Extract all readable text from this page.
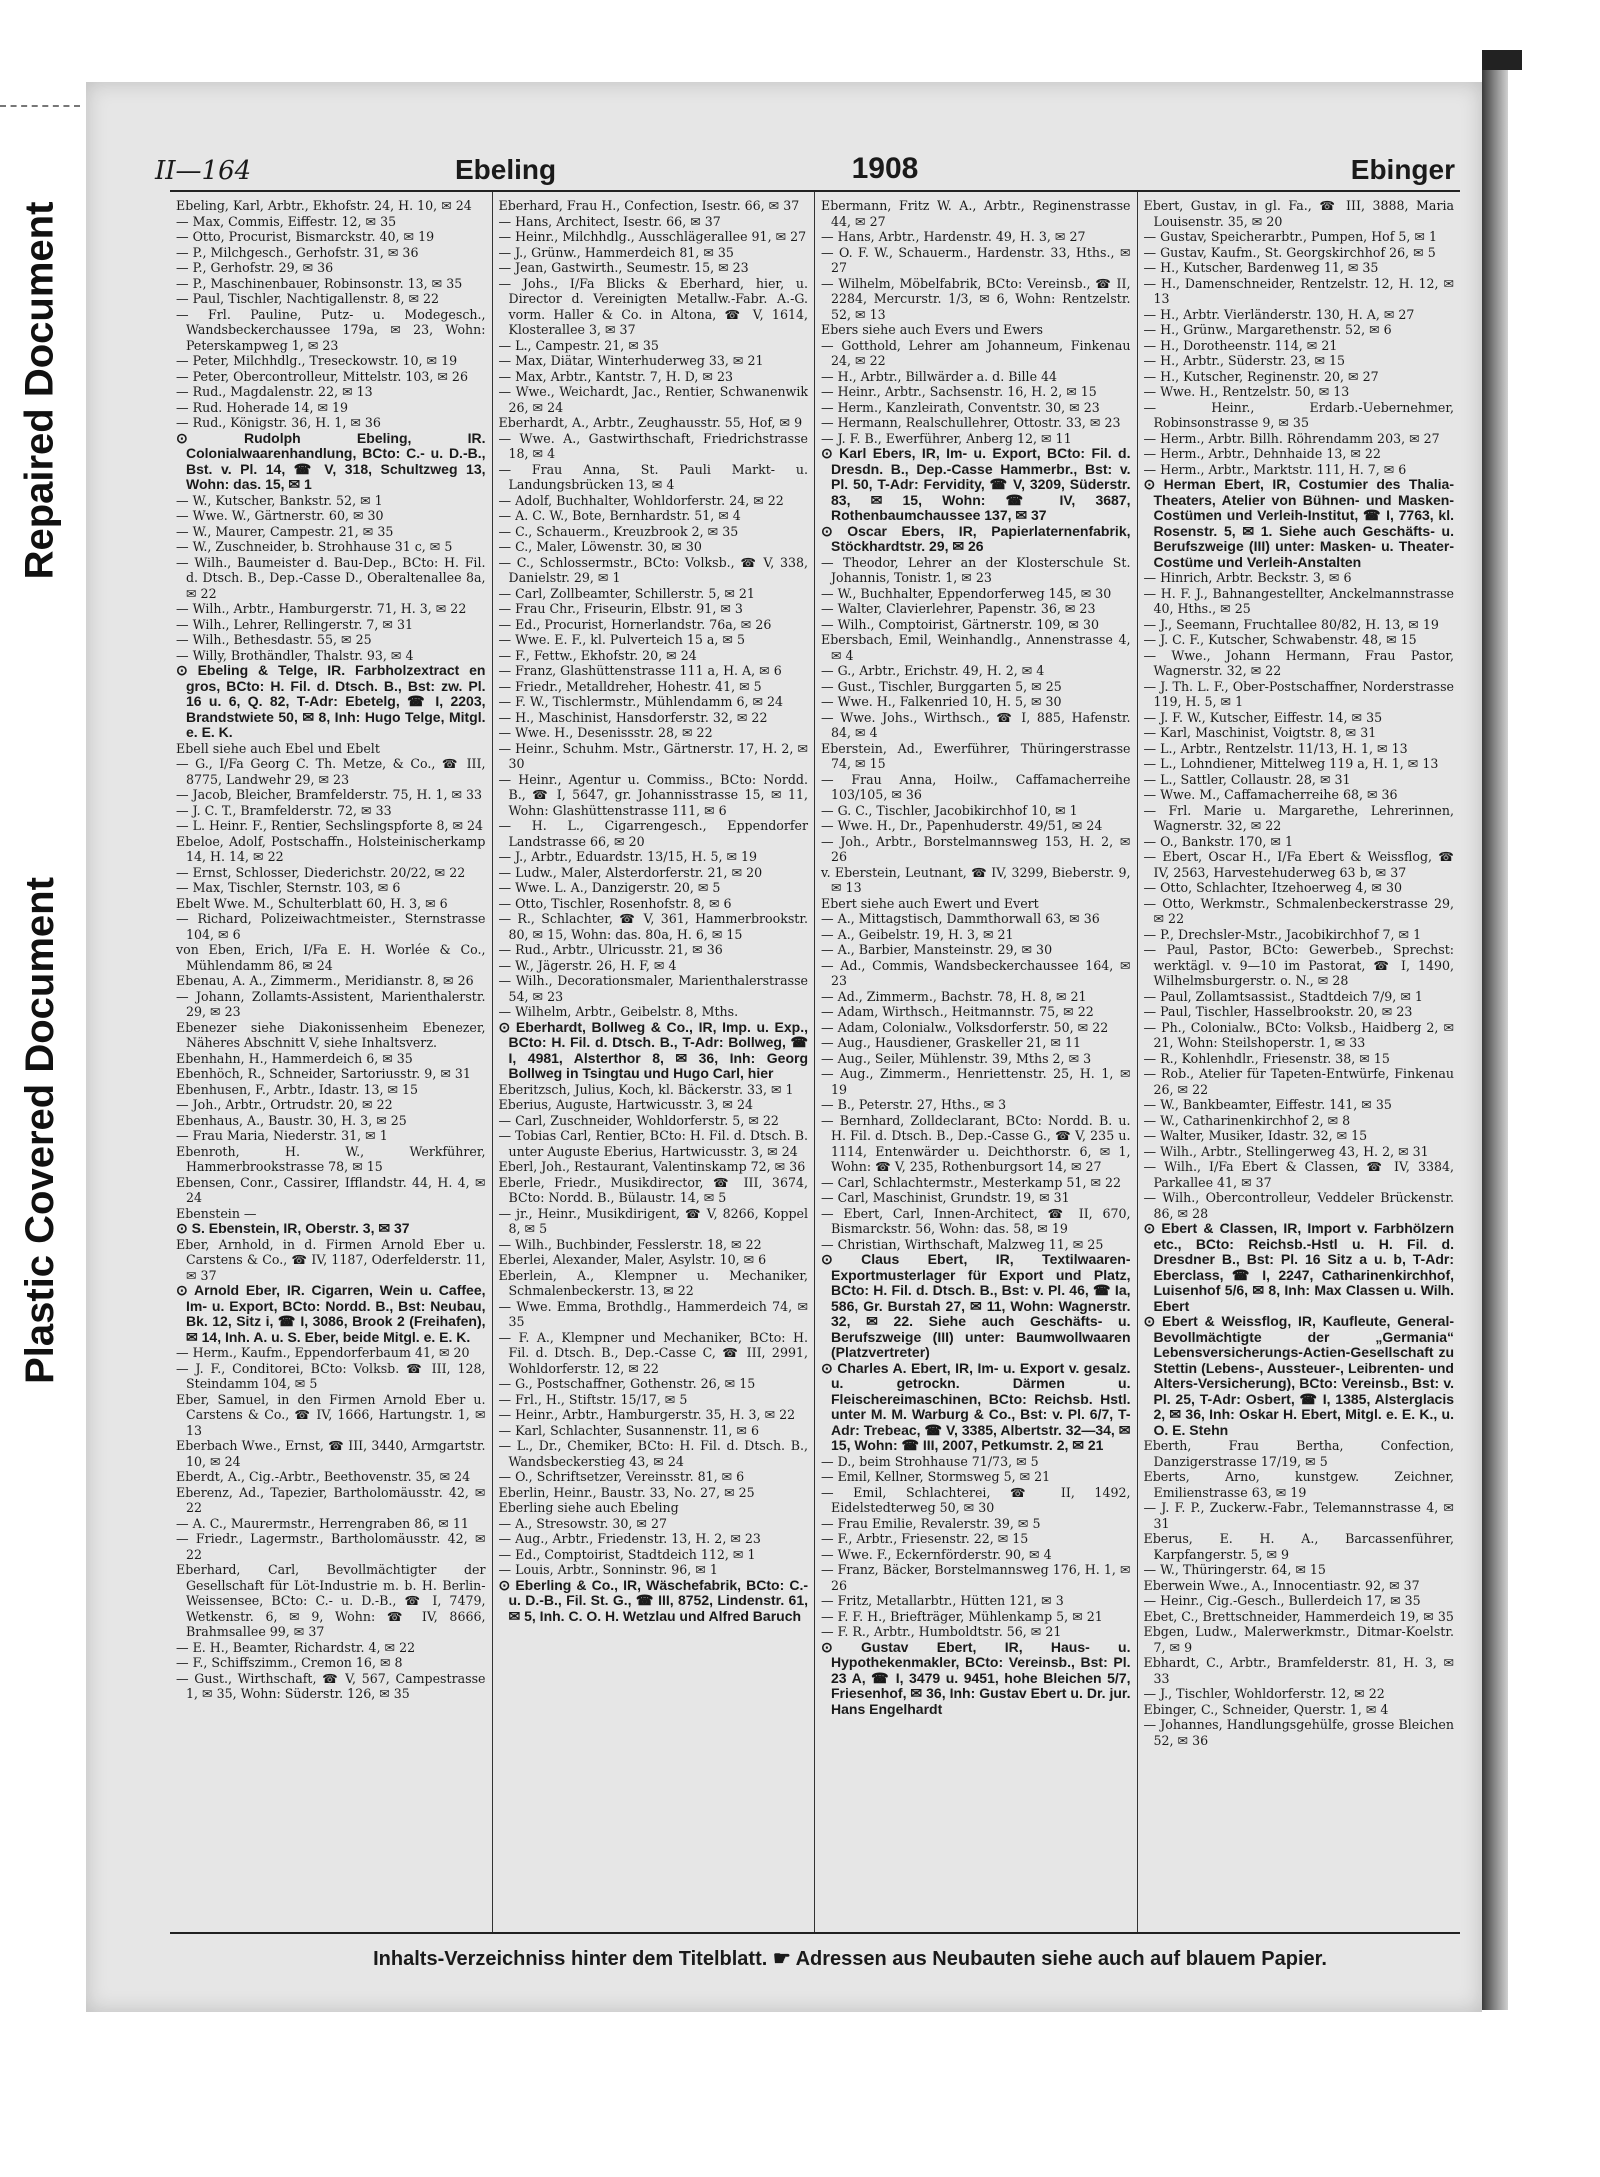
Repaired Document
Plastic Covered Document
II—164	Ebeling	1908	Ebinger

Ebeling, Karl, Arbtr., Ekhofstr. 24, H. 10, ✉ 24

— Max, Commis, Eiffestr. 12, ✉ 35

— Otto, Procurist, Bismarckstr. 40, ✉ 19

— P., Milchgesch., Gerhofstr. 31, ✉ 36

— P., Gerhofstr. 29, ✉ 36

— P., Maschinenbauer, Robinsonstr. 13, ✉ 35

— Paul, Tischler, Nachtigallenstr. 8, ✉ 22

— Frl. Pauline, Putz- u. Modegesch., Wandsbeckerchaussee 179a, ✉ 23, Wohn: Peterskampweg 1, ✉ 23

— Peter, Milchhdlg., Treseckowstr. 10, ✉ 19

— Peter, Obercontrolleur, Mittelstr. 103, ✉ 26

— Rud., Magdalenstr. 22, ✉ 13

— Rud. Hoherade 14, ✉ 19

— Rud., Königstr. 36, H. 1, ✉ 36

⊙ Rudolph Ebeling, IR. Colonialwaarenhandlung, BCto: C.- u. D.-B., Bst. v. Pl. 14, ☎ V, 318, Schultzweg 13, Wohn: das. 15, ✉ 1

— W., Kutscher, Bankstr. 52, ✉ 1

— Wwe. W., Gärtnerstr. 60, ✉ 30

— W., Maurer, Campestr. 21, ✉ 35

— W., Zuschneider, b. Strohhause 31 c, ✉ 5

— Wilh., Baumeister d. Bau-Dep., BCto: H. Fil. d. Dtsch. B., Dep.-Casse D., Oberaltenallee 8a, ✉ 22

— Wilh., Arbtr., Hamburgerstr. 71, H. 3, ✉ 22

— Wilh., Lehrer, Rellingerstr. 7, ✉ 31

— Wilh., Bethesdastr. 55, ✉ 25

— Willy, Brothändler, Thalstr. 93, ✉ 4

⊙ Ebeling & Telge, IR. Farbholzextract en gros, BCto: H. Fil. d. Dtsch. B., Bst: zw. Pl. 16 u. 6, Q. 82, T-Adr: Ebetelg, ☎ I, 2203, Brandstwiete 50, ✉ 8, Inh: Hugo Telge, Mitgl. e. E. K.

Ebell siehe auch Ebel und Ebelt

— G., I/Fa Georg C. Th. Metze, & Co., ☎ III, 8775, Landwehr 29, ✉ 23

— Jacob, Bleicher, Bramfelderstr. 75, H. 1, ✉ 33

— J. C. T., Bramfelderstr. 72, ✉ 33

— L. Heinr. F., Rentier, Sechslingspforte 8, ✉ 24

Ebeloe, Adolf, Postschaffn., Holsteinischerkamp 14, H. 14, ✉ 22

— Ernst, Schlosser, Diederichstr. 20/22, ✉ 22

— Max, Tischler, Sternstr. 103, ✉ 6

Ebelt Wwe. M., Schulterblatt 60, H. 3, ✉ 6

— Richard, Polizeiwachtmeister., Sternstrasse 104, ✉ 6

von Eben, Erich, I/Fa E. H. Worlée & Co., Mühlendamm 86, ✉ 24

Ebenau, A. A., Zimmerm., Meridianstr. 8, ✉ 26

— Johann, Zollamts-Assistent, Marienthalerstr. 29, ✉ 23

Ebenezer siehe Diakonissenheim Ebenezer, Näheres Abschnitt V, siehe Inhaltsverz.

Ebenhahn, H., Hammerdeich 6, ✉ 35

Ebenhöch, R., Schneider, Sartoriusstr. 9, ✉ 31

Ebenhusen, F., Arbtr., Idastr. 13, ✉ 15

— Joh., Arbtr., Ortrudstr. 20, ✉ 22

Ebenhaus, A., Baustr. 30, H. 3, ✉ 25

— Frau Maria, Niederstr. 31, ✉ 1

Ebenroth, H. W., Werkführer, Hammerbrookstrasse 78, ✉ 15

Ebensen, Conr., Cassirer, Ifflandstr. 44, H. 4, ✉ 24

Ebenstein —

⊙ S. Ebenstein, IR, Oberstr. 3, ✉ 37

Eber, Arnhold, in d. Firmen Arnold Eber u. Carstens & Co., ☎ IV, 1187, Oderfelderstr. 11, ✉ 37

⊙ Arnold Eber, IR. Cigarren, Wein u. Caffee, Im- u. Export, BCto: Nordd. B., Bst: Neubau, Bk. 12, Sitz i, ☎ I, 3086, Brook 2 (Freihafen), ✉ 14, Inh. A. u. S. Eber, beide Mitgl. e. E. K.

— Herm., Kaufm., Eppendorferbaum 41, ✉ 20

— J. F., Conditorei, BCto: Volksb. ☎ III, 128, Steindamm 104, ✉ 5

Eber, Samuel, in den Firmen Arnold Eber u. Carstens & Co., ☎ IV, 1666, Hartungstr. 1, ✉ 13

Eberbach Wwe., Ernst, ☎ III, 3440, Armgartstr. 10, ✉ 24

Eberdt, A., Cig.-Arbtr., Beethovenstr. 35, ✉ 24

Eberenz, Ad., Tapezier, Bartholomäusstr. 42, ✉ 22

— A. C., Maurermstr., Herrengraben 86, ✉ 11

— Friedr., Lagermstr., Bartholomäusstr. 42, ✉ 22

Eberhard, Carl, Bevollmächtigter der Gesellschaft für Löt-Industrie m. b. H. Berlin-Weissensee, BCto: C.- u. D.-B., ☎ I, 7479, Wetkenstr. 6, ✉ 9, Wohn: ☎ IV, 8666, Brahmsallee 99, ✉ 37

— E. H., Beamter, Richardstr. 4, ✉ 22

— F., Schiffszimm., Cremon 16, ✉ 8

— Gust., Wirthschaft, ☎ V, 567, Campestrasse 1, ✉ 35, Wohn: Süderstr. 126, ✉ 35

Eberhard, Frau H., Confection, Isestr. 66, ✉ 37

— Hans, Architect, Isestr. 66, ✉ 37

— Heinr., Milchhdlg., Ausschlägerallee 91, ✉ 27

— J., Grünw., Hammerdeich 81, ✉ 35

— Jean, Gastwirth., Seumestr. 15, ✉ 23

— Johs., I/Fa Blicks & Eberhard, hier, u. Director d. Vereinigten Metallw.-Fabr. A.-G. vorm. Haller & Co. in Altona, ☎ V, 1614, Klosterallee 3, ✉ 37

— L., Campestr. 21, ✉ 35

— Max, Diätar, Winterhuderweg 33, ✉ 21

— Max, Arbtr., Kantstr. 7, H. D, ✉ 23

— Wwe., Weichardt, Jac., Rentier, Schwanenwik 26, ✉ 24

Eberhardt, A., Arbtr., Zeughausstr. 55, Hof, ✉ 9

— Wwe. A., Gastwirthschaft, Friedrichstrasse 18, ✉ 4

— Frau Anna, St. Pauli Markt- u. Landungsbrücken 13, ✉ 4

— Adolf, Buchhalter, Wohldorferstr. 24, ✉ 22

— A. C. W., Bote, Bernhardstr. 51, ✉ 4

— C., Schauerm., Kreuzbrook 2, ✉ 35

— C., Maler, Löwenstr. 30, ✉ 30

— C., Schlossermstr., BCto: Volksb., ☎ V, 338, Danielstr. 29, ✉ 1

— Carl, Zollbeamter, Schillerstr. 5, ✉ 21

— Frau Chr., Friseurin, Elbstr. 91, ✉ 3

— Ed., Procurist, Hornerlandstr. 76a, ✉ 26

— Wwe. E. F., kl. Pulverteich 15 a, ✉ 5

— F., Fettw., Ekhofstr. 20, ✉ 24

— Franz, Glashüttenstrasse 111 a, H. A, ✉ 6

— Friedr., Metalldreher, Hohestr. 41, ✉ 5

— F. W., Tischlermstr., Mühlendamm 6, ✉ 24

— H., Maschinist, Hansdorferstr. 32, ✉ 22

— Wwe. H., Desenissstr. 28, ✉ 22

— Heinr., Schuhm. Mstr., Gärtnerstr. 17, H. 2, ✉ 30

— Heinr., Agentur u. Commiss., BCto: Nordd. B., ☎ I, 5647, gr. Johannisstrasse 15, ✉ 11, Wohn: Glashüttenstrasse 111, ✉ 6

— H. L., Cigarrengesch., Eppendorfer Landstrasse 66, ✉ 20

— J., Arbtr., Eduardstr. 13/15, H. 5, ✉ 19

— Ludw., Maler, Alsterdorferstr. 21, ✉ 20

— Wwe. L. A., Danzigerstr. 20, ✉ 5

— Otto, Tischler, Rosenhofstr. 8, ✉ 6

— R., Schlachter, ☎ V, 361, Hammerbrookstr. 80, ✉ 15, Wohn: das. 80a, H. 6, ✉ 15

— Rud., Arbtr., Ulricusstr. 21, ✉ 36

— W., Jägerstr. 26, H. F, ✉ 4

— Wilh., Decorationsmaler, Marienthalerstrasse 54, ✉ 23

— Wilhelm, Arbtr., Geibelstr. 8, Mths.

⊙ Eberhardt, Bollweg & Co., IR, Imp. u. Exp., BCto: H. Fil. d. Dtsch. B., T-Adr: Bollweg, ☎ I, 4981, Alsterthor 8, ✉ 36, Inh: Georg Bollweg in Tsingtau und Hugo Carl, hier

Eberitzsch, Julius, Koch, kl. Bäckerstr. 33, ✉ 1

Eberius, Auguste, Hartwicusstr. 3, ✉ 24

— Carl, Zuschneider, Wohldorferstr. 5, ✉ 22

— Tobias Carl, Rentier, BCto: H. Fil. d. Dtsch. B. unter Auguste Eberius, Hartwicusstr. 3, ✉ 24

Eberl, Joh., Restaurant, Valentinskamp 72, ✉ 36

Eberle, Friedr., Musikdirector, ☎ III, 3674, BCto: Nordd. B., Bülaustr. 14, ✉ 5

— jr., Heinr., Musikdirigent, ☎ V, 8266, Koppel 8, ✉ 5

— Wilh., Buchbinder, Fesslerstr. 18, ✉ 22

Eberlei, Alexander, Maler, Asylstr. 10, ✉ 6

Eberlein, A., Klempner u. Mechaniker, Schmalenbeckerstr. 13, ✉ 22

— Wwe. Emma, Brothdlg., Hammerdeich 74, ✉ 35

— F. A., Klempner und Mechaniker, BCto: H. Fil. d. Dtsch. B., Dep.-Casse C, ☎ III, 2991, Wohldorferstr. 12, ✉ 22

— G., Postschaffner, Gothenstr. 26, ✉ 15

— Frl., H., Stiftstr. 15/17, ✉ 5

— Heinr., Arbtr., Hamburgerstr. 35, H. 3, ✉ 22

— Karl, Schlachter, Susannenstr. 11, ✉ 6

— L., Dr., Chemiker, BCto: H. Fil. d. Dtsch. B., Wandsbeckerstieg 43, ✉ 24

— O., Schriftsetzer, Vereinsstr. 81, ✉ 6

Eberlin, Heinr., Baustr. 33, No. 27, ✉ 25

Eberling siehe auch Ebeling

— A., Stresowstr. 30, ✉ 27

— Aug., Arbtr., Friedenstr. 13, H. 2, ✉ 23

— Ed., Comptoirist, Stadtdeich 112, ✉ 1

— Louis, Arbtr., Sonninstr. 96, ✉ 1

⊙ Eberling & Co., IR, Wäschefabrik, BCto: C.- u. D.-B., Fil. St. G., ☎ III, 8752, Lindenstr. 61, ✉ 5, Inh. C. O. H. Wetzlau und Alfred Baruch

Ebermann, Fritz W. A., Arbtr., Reginenstrasse 44, ✉ 27

— Hans, Arbtr., Hardenstr. 49, H. 3, ✉ 27

— O. F. W., Schauerm., Hardenstr. 33, Hths., ✉ 27

— Wilhelm, Möbelfabrik, BCto: Vereinsb., ☎ II, 2284, Mercurstr. 1/3, ✉ 6, Wohn: Rentzelstr. 52, ✉ 13

Ebers siehe auch Evers und Ewers

— Gotthold, Lehrer am Johanneum, Finkenau 24, ✉ 22

— H., Arbtr., Billwärder a. d. Bille 44

— Heinr., Arbtr., Sachsenstr. 16, H. 2, ✉ 15

— Herm., Kanzleirath, Conventstr. 30, ✉ 23

— Hermann, Realschullehrer, Ottostr. 33, ✉ 23

— J. F. B., Ewerführer, Anberg 12, ✉ 11

⊙ Karl Ebers, IR, Im- u. Export, BCto: Fil. d. Dresdn. B., Dep.-Casse Hammerbr., Bst: v. Pl. 50, T-Adr: Fervidity, ☎ V, 3209, Süderstr. 83, ✉ 15, Wohn: ☎ IV, 3687, Rothenbaumchaussee 137, ✉ 37

⊙ Oscar Ebers, IR, Papierlaternenfabrik, Stöckhardtstr. 29, ✉ 26

— Theodor, Lehrer an der Klosterschule St. Johannis, Tonistr. 1, ✉ 23

— W., Buchhalter, Eppendorferweg 145, ✉ 30

— Walter, Clavierlehrer, Papenstr. 36, ✉ 23

— Wilh., Comptoirist, Gärtnerstr. 109, ✉ 30

Ebersbach, Emil, Weinhandlg., Annenstrasse 4, ✉ 4

— G., Arbtr., Erichstr. 49, H. 2, ✉ 4

— Gust., Tischler, Burggarten 5, ✉ 25

— Wwe. H., Falkenried 10, H. 5, ✉ 30

— Wwe. Johs., Wirthsch., ☎ I, 885, Hafenstr. 84, ✉ 4

Eberstein, Ad., Ewerführer, Thüringerstrasse 74, ✉ 15

— Frau Anna, Hoilw., Caffamacherreihe 103/105, ✉ 36

— G. C., Tischler, Jacobikirchhof 10, ✉ 1

— Wwe. H., Dr., Papenhuderstr. 49/51, ✉ 24

— Joh., Arbtr., Borstelmannsweg 153, H. 2, ✉ 26

v. Eberstein, Leutnant, ☎ IV, 3299, Bieberstr. 9, ✉ 13

Ebert siehe auch Ewert und Evert

— A., Mittagstisch, Dammthorwall 63, ✉ 36

— A., Geibelstr. 19, H. 3, ✉ 21

— A., Barbier, Mansteinstr. 29, ✉ 30

— Ad., Commis, Wandsbeckerchaussee 164, ✉ 23

— Ad., Zimmerm., Bachstr. 78, H. 8, ✉ 21

— Adam, Wirthsch., Heitmannstr. 75, ✉ 22

— Adam, Colonialw., Volksdorferstr. 50, ✉ 22

— Aug., Hausdiener, Graskeller 21, ✉ 11

— Aug., Seiler, Mühlenstr. 39, Mths 2, ✉ 3

— Aug., Zimmerm., Henriettenstr. 25, H. 1, ✉ 19

— B., Peterstr. 27, Hths., ✉ 3

— Bernhard, Zolldeclarant, BCto: Nordd. B. u. H. Fil. d. Dtsch. B., Dep.-Casse G., ☎ V, 235 u. 1114, Entenwärder u. Deichthorstr. 6, ✉ 1, Wohn: ☎ V, 235, Rothenburgsort 14, ✉ 27

— Carl, Schlachtermstr., Mesterkamp 51, ✉ 22

— Carl, Maschinist, Grundstr. 19, ✉ 31

— Ebert, Carl, Innen-Architect, ☎ II, 670, Bismarckstr. 56, Wohn: das. 58, ✉ 19

— Christian, Wirthschaft, Malzweg 11, ✉ 25

⊙ Claus Ebert, IR, Textilwaaren-Exportmusterlager für Export und Platz, BCto: H. Fil. d. Dtsch. B., Bst: v. Pl. 46, ☎ Ia, 586, Gr. Burstah 27, ✉ 11, Wohn: Wagnerstr. 32, ✉ 22. Siehe auch Geschäfts- u. Berufszweige (III) unter: Baumwollwaaren (Platzvertreter)

⊙ Charles A. Ebert, IR, Im- u. Export v. gesalz. u. getrockn. Därmen u. Fleischereimaschinen, BCto: Reichsb. Hstl. unter M. M. Warburg & Co., Bst: v. Pl. 6/7, T-Adr: Trebeac, ☎ V, 3385, Albertstr. 32—34, ✉ 15, Wohn: ☎ III, 2007, Petkumstr. 2, ✉ 21

— D., beim Strohhause 71/73, ✉ 5

— Emil, Kellner, Stormsweg 5, ✉ 21

— Emil, Schlachterei, ☎ II, 1492, Eidelstedterweg 50, ✉ 30

— Frau Emilie, Revalerstr. 39, ✉ 5

— F., Arbtr., Friesenstr. 22, ✉ 15

— Wwe. F., Eckernförderstr. 90, ✉ 4

— Franz, Bäcker, Borstelmannsweg 176, H. 1, ✉ 26

— Fritz, Metallarbtr., Hütten 121, ✉ 3

— F. F. H., Briefträger, Mühlenkamp 5, ✉ 21

— F. R., Arbtr., Humboldtstr. 56, ✉ 21

⊙ Gustav Ebert, IR, Haus- u. Hypothekenmakler, BCto: Vereinsb., Bst: Pl. 23 A, ☎ I, 3479 u. 9451, hohe Bleichen 5/7, Friesenhof, ✉ 36, Inh: Gustav Ebert u. Dr. jur. Hans Engelhardt

Ebert, Gustav, in gl. Fa., ☎ III, 3888, Maria Louisenstr. 35, ✉ 20

— Gustav, Speicherarbtr., Pumpen, Hof 5, ✉ 1

— Gustav, Kaufm., St. Georgskirchhof 26, ✉ 5

— H., Kutscher, Bardenweg 11, ✉ 35

— H., Damenschneider, Rentzelstr. 12, H. 12, ✉ 13

— H., Arbtr. Vierländerstr. 130, H. A, ✉ 27

— H., Grünw., Margarethenstr. 52, ✉ 6

— H., Dorotheenstr. 114, ✉ 21

— H., Arbtr., Süderstr. 23, ✉ 15

— H., Kutscher, Reginenstr. 20, ✉ 27

— Wwe. H., Rentzelstr. 50, ✉ 13

— Heinr., Erdarb.-Uebernehmer, Robinsonstrasse 9, ✉ 35

— Herm., Arbtr. Billh. Röhrendamm 203, ✉ 27

— Herm., Arbtr., Dehnhaide 13, ✉ 22

— Herm., Arbtr., Marktstr. 111, H. 7, ✉ 6

⊙ Herman Ebert, IR, Costumier des Thalia-Theaters, Atelier von Bühnen- und Masken-Costümen und Verleih-Institut, ☎ I, 7763, kl. Rosenstr. 5, ✉ 1. Siehe auch Geschäfts- u. Berufszweige (III) unter: Masken- u. Theater-Costüme und Verleih-Anstalten

— Hinrich, Arbtr. Beckstr. 3, ✉ 6

— H. F. J., Bahnangestellter, Anckelmannstrasse 40, Hths., ✉ 25

— J., Seemann, Fruchtallee 80/82, H. 13, ✉ 19

— J. C. F., Kutscher, Schwabenstr. 48, ✉ 15

— Wwe., Johann Hermann, Frau Pastor, Wagnerstr. 32, ✉ 22

— J. Th. L. F., Ober-Postschaffner, Norderstrasse 119, H. 5, ✉ 1

— J. F. W., Kutscher, Eiffestr. 14, ✉ 35

— Karl, Maschinist, Voigtstr. 8, ✉ 31

— L., Arbtr., Rentzelstr. 11/13, H. 1, ✉ 13

— L., Lohndiener, Mittelweg 119 a, H. 1, ✉ 13

— L., Sattler, Collaustr. 28, ✉ 31

— Wwe. M., Caffamacherreihe 68, ✉ 36

— Frl. Marie u. Margarethe, Lehrerinnen, Wagnerstr. 32, ✉ 22

— O., Bankstr. 170, ✉ 1

— Ebert, Oscar H., I/Fa Ebert & Weissflog, ☎ IV, 2563, Harvestehuderweg 63 b, ✉ 37

— Otto, Schlachter, Itzehoerweg 4, ✉ 30

— Otto, Werkmstr., Schmalenbeckerstrasse 29, ✉ 22

— P., Drechsler-Mstr., Jacobikirchhof 7, ✉ 1

— Paul, Pastor, BCto: Gewerbeb., Sprechst: werktägl. v. 9—10 im Pastorat, ☎ I, 1490, Wilhelmsburgerstr. o. N., ✉ 28

— Paul, Zollamtsassist., Stadtdeich 7/9, ✉ 1

— Paul, Tischler, Hasselbrookstr. 20, ✉ 23

— Ph., Colonialw., BCto: Volksb., Haidberg 2, ✉ 21, Wohn: Steilshoperstr. 1, ✉ 33

— R., Kohlenhdlr., Friesenstr. 38, ✉ 15

— Rob., Atelier für Tapeten-Entwürfe, Finkenau 26, ✉ 22

— W., Bankbeamter, Eiffestr. 141, ✉ 35

— W., Catharinenkirchhof 2, ✉ 8

— Walter, Musiker, Idastr. 32, ✉ 15

— Wilh., Arbtr., Stellingerweg 43, H. 2, ✉ 31

— Wilh., I/Fa Ebert & Classen, ☎ IV, 3384, Parkallee 41, ✉ 37

— Wilh., Obercontrolleur, Veddeler Brückenstr. 86, ✉ 28

⊙ Ebert & Classen, IR, Import v. Farbhölzern etc., BCto: Reichsb.-Hstl u. H. Fil. d. Dresdner B., Bst: Pl. 16 Sitz a u. b, T-Adr: Eberclass, ☎ I, 2247, Catharinenkirchhof, Luisenhof 5/6, ✉ 8, Inh: Max Classen u. Wilh. Ebert

⊙ Ebert & Weissflog, IR, Kaufleute, General-Bevollmächtigte der „Germania“ Lebensversicherungs-Actien-Gesellschaft zu Stettin (Lebens-, Aussteuer-, Leibrenten- und Alters-Versicherung), BCto: Vereinsb., Bst: v. Pl. 25, T-Adr: Osbert, ☎ I, 1385, Alsterglacis 2, ✉ 36, Inh: Oskar H. Ebert, Mitgl. e. E. K., u. O. E. Stehn

Eberth, Frau Bertha, Confection, Danzigerstrasse 17/19, ✉ 5

Eberts, Arno, kunstgew. Zeichner, Emilienstrasse 63, ✉ 19

— J. F. P., Zuckerw.-Fabr., Telemannstrasse 4, ✉ 31

Eberus, E. H. A., Barcassenführer, Karpfangerstr. 5, ✉ 9

— W., Thüringerstr. 64, ✉ 15

Eberwein Wwe., A., Innocentiastr. 92, ✉ 37

— Heinr., Cig.-Gesch., Bullerdeich 17, ✉ 35

Ebet, C., Brettschneider, Hammerdeich 19, ✉ 35

Ebgen, Ludw., Malerwerkmstr., Ditmar-Koelstr. 7, ✉ 9

Ebhardt, C., Arbtr., Bramfelderstr. 81, H. 3, ✉ 33

— J., Tischler, Wohldorferstr. 12, ✉ 22

Ebinger, C., Schneider, Querstr. 1, ✉ 4

— Johannes, Handlungsgehülfe, grosse Bleichen 52, ✉ 36

Inhalts-Verzeichniss hinter dem Titelblatt. ☛ Adressen aus Neubauten siehe auch auf blauem Papier.
